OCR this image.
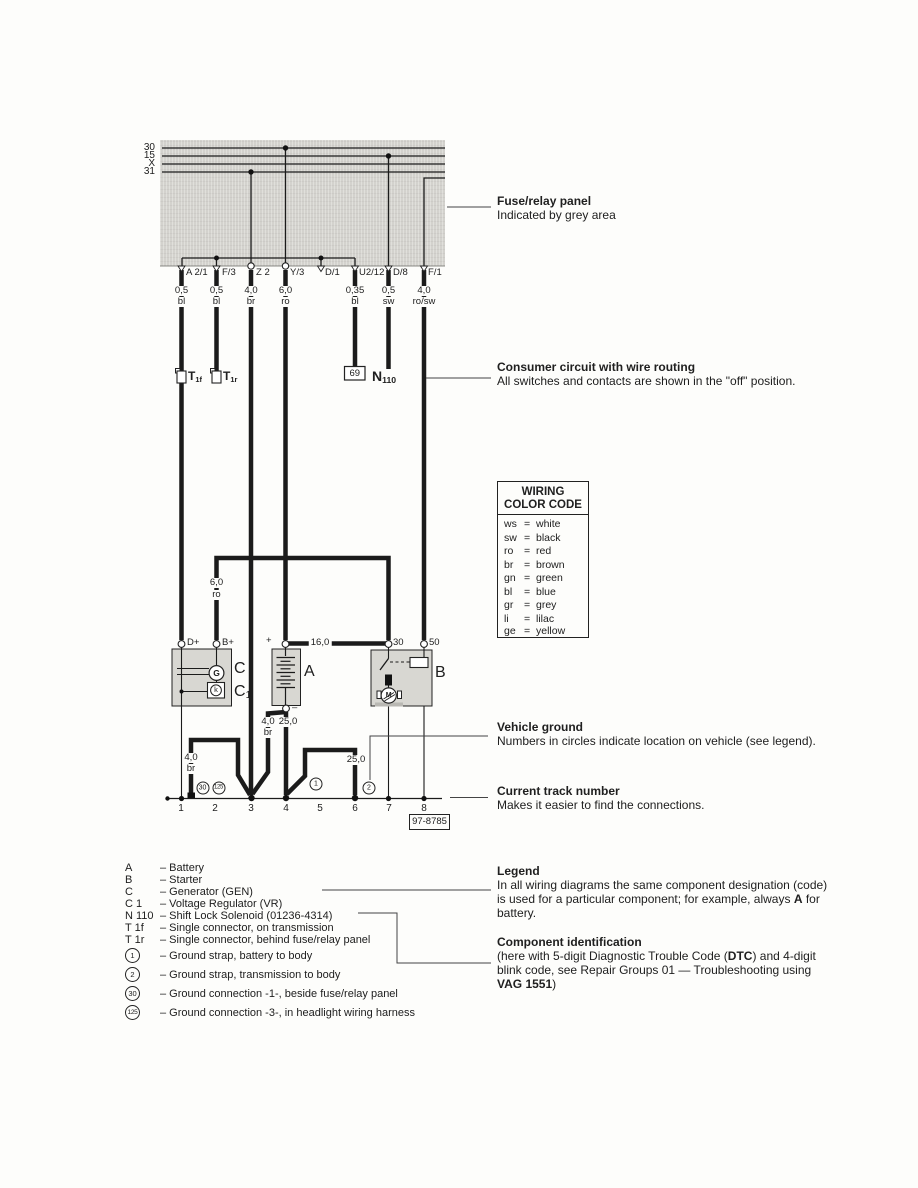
30
15
X
31
A 2/1 F/3 Z 2 Y/3 D/1 U2/12 D/8 F/1
0,5
bl
0,5
bl
4,0
br
6,0
ro
0,35
bl
0,5
sw
4,0
ro/sw
$T_{1f}$ $T_{1r}$
69 $N_{110}$
6,0
ro
16,0
D+ B+	+	30	50
–
C
$C_1$
A	B
G
k
M
4,0
br
4,0
br
25,0
25,0
30	125	1	2
1	2	3	4	5	6	7	8
97-8785
WIRING
COLOR CODE
ws = white
sw = black
ro = red
br = brown
gn = green
bl = blue
gr = grey
li = lilac
ge = yellow
Fuse/relay panel
Indicated by grey area
Consumer circuit with wire routing
All switches and contacts are shown in the "off" position.
Vehicle ground
Numbers in circles indicate location on vehicle (see legend).
Current track number
Makes it easier to find the connections.
Legend
In all wiring diagrams the same component designation (code)
is used for a particular component; for example, always A for
battery.
Component identification
(here with 5-digit Diagnostic Trouble Code (DTC) and 4-digit
blink code, see Repair Groups 01 — Troubleshooting using
VAG 1551)
A	– Battery
B	– Starter
C	– Generator (GEN)
C 1	– Voltage Regulator (VR)
N 110 – Shift Lock Solenoid (01236-4314)
T 1f	– Single connector, on transmission
T 1r	– Single connector, behind fuse/relay panel
1	– Ground strap, battery to body
2	– Ground strap, transmission to body
30	– Ground connection -1-, beside fuse/relay panel
125 – Ground connection -3-, in headlight wiring harness
